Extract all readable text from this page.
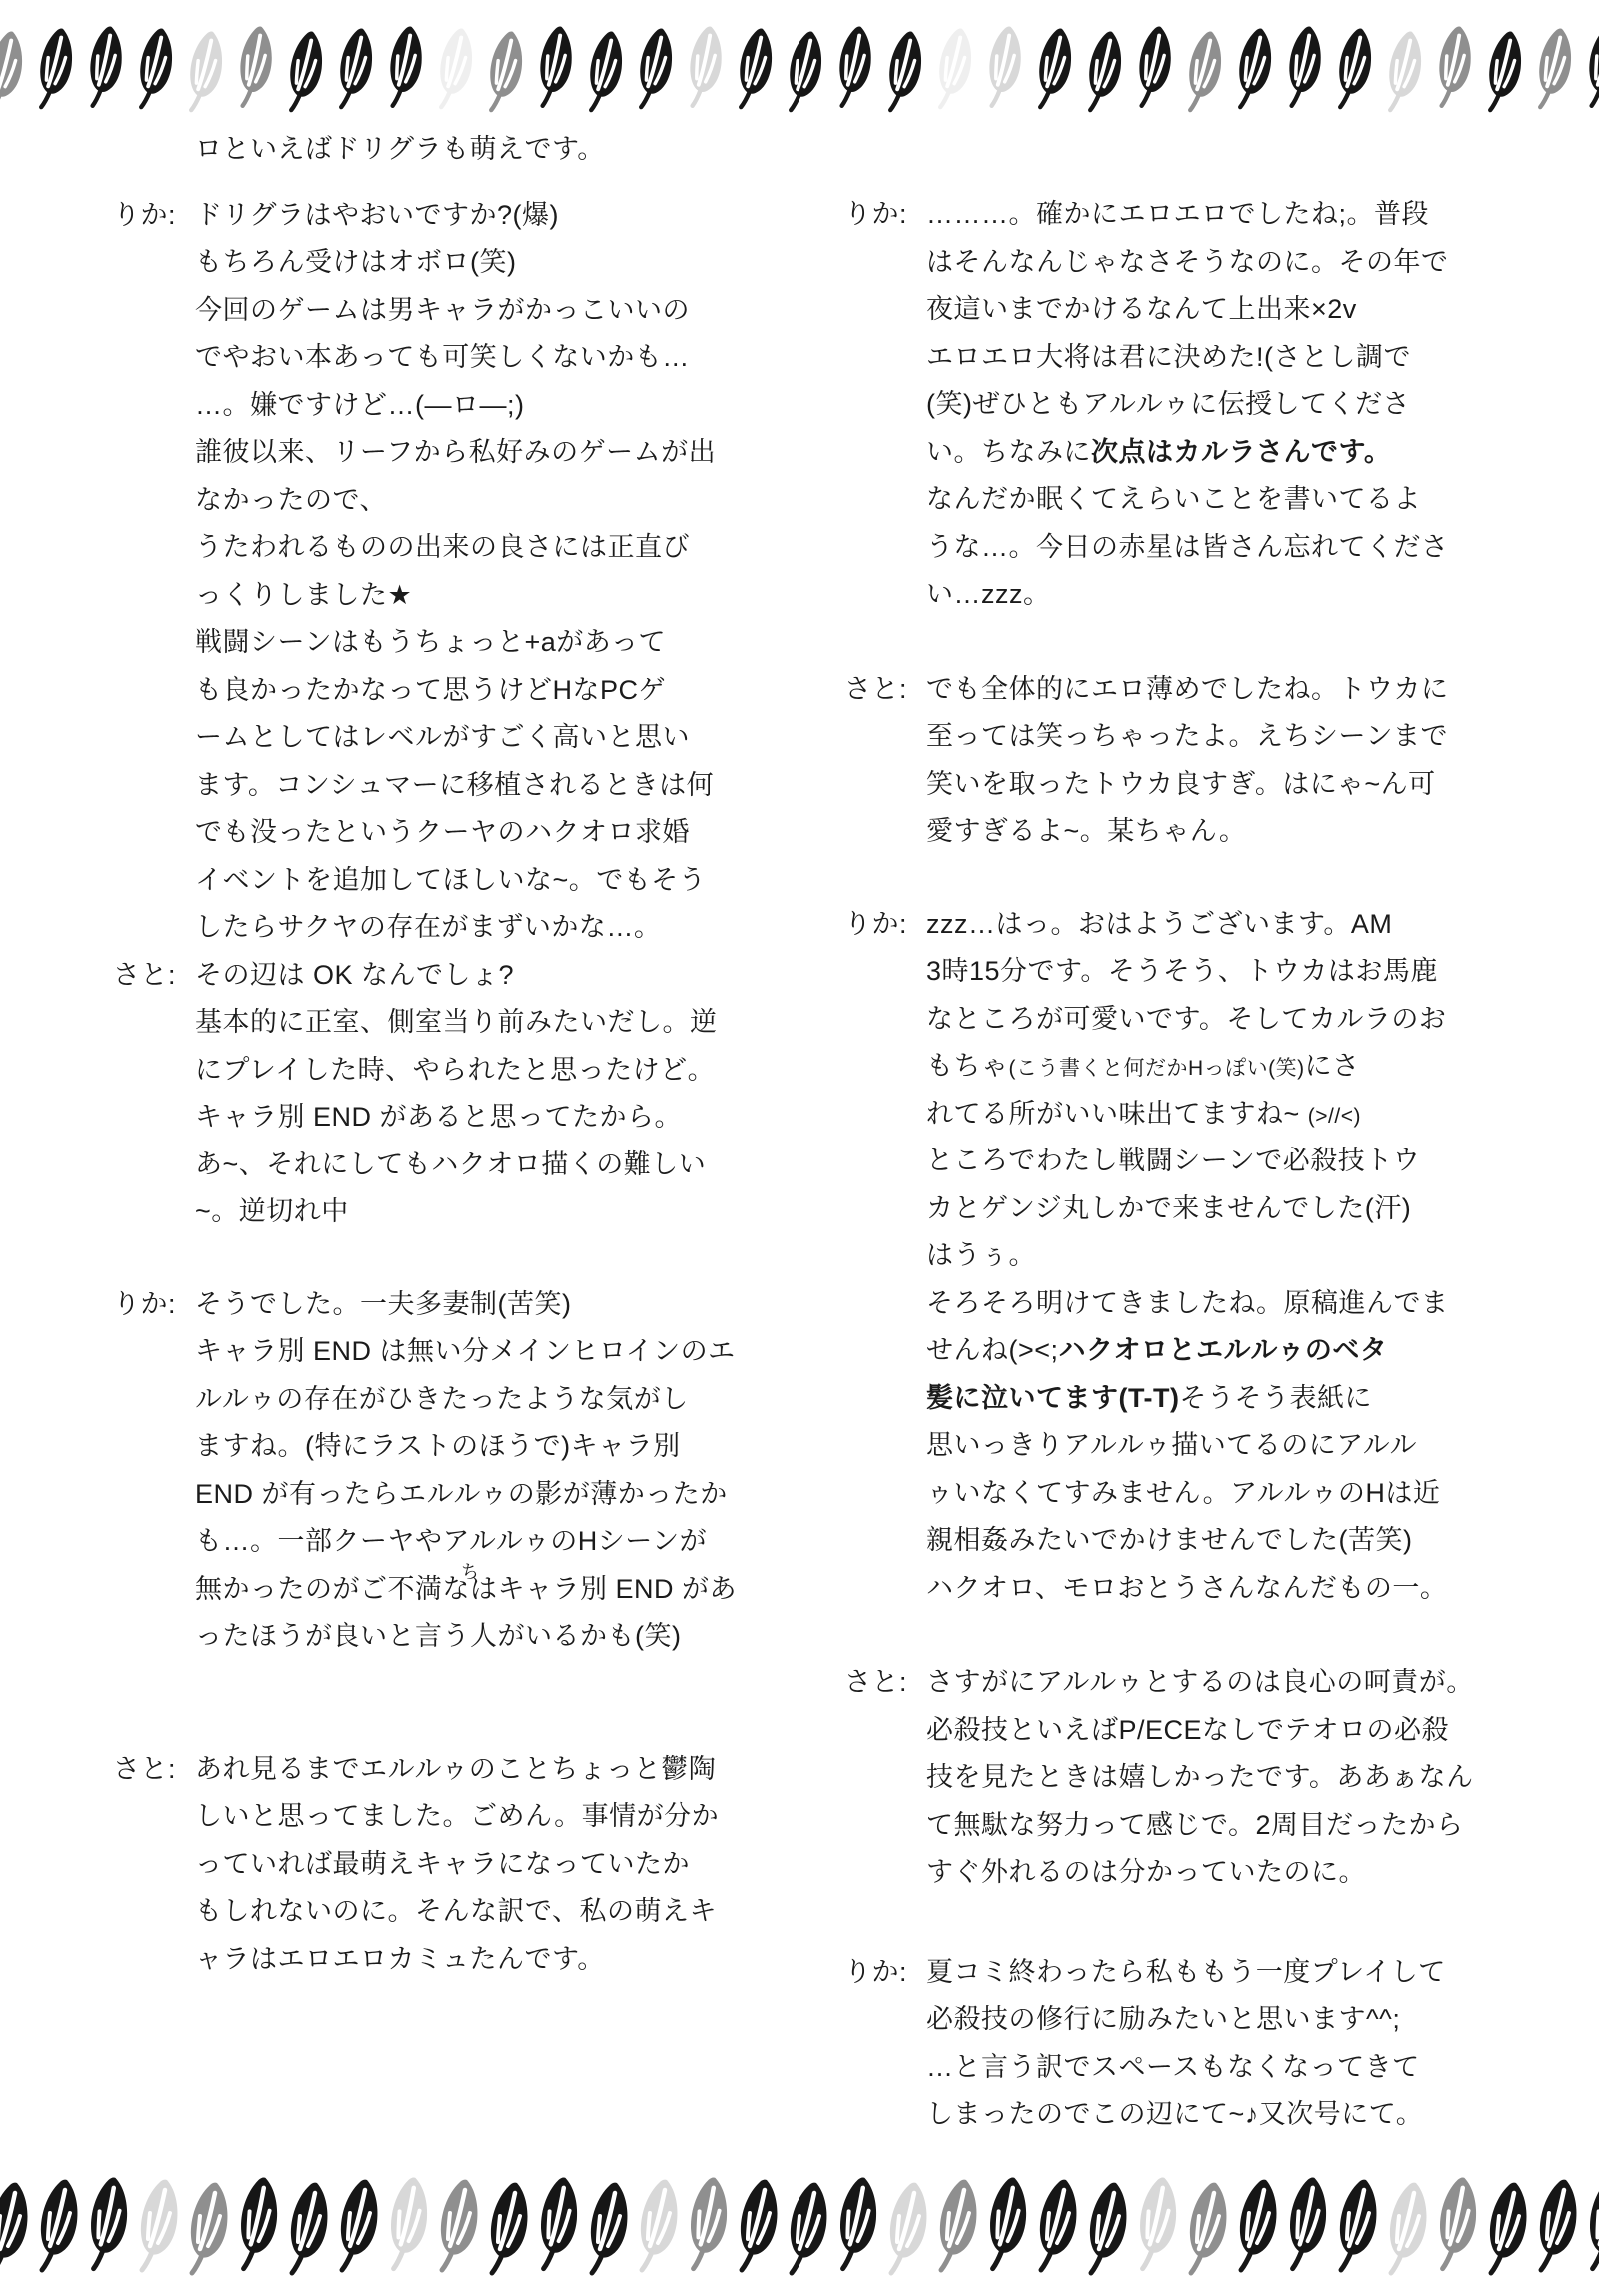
ロといえばドリグラも萌えです。
りか: ドリグラはやおいですか?(爆)
もちろん受けはオボロ(笑)
今回のゲームは男キャラがかっこいいの
でやおい本あっても可笑しくないかも…
…。嫌ですけど…(―ロ―;)
誰彼以来、リーフから私好みのゲームが出
なかったので、
うたわれるものの出来の良さには正直び
っくりしました★
戦闘シーンはもうちょっと+aがあって
も良かったかなって思うけどHなPCゲ
ームとしてはレベルがすごく高いと思い
ます。コンシュマーに移植されるときは何
でも没ったというクーヤのハクオロ求婚
イベントを追加してほしいな~。でもそう
したらサクヤの存在がまずいかな…。
さと: その辺は OK なんでしょ?
基本的に正室、側室当り前みたいだし。逆
にプレイした時、やられたと思ったけど。
キャラ別 END があると思ってたから。
あ~、それにしてもハクオロ描くの難しい
~。逆切れ中
りか: そうでした。一夫多妻制(苦笑)
キャラ別 END は無い分メインヒロインのエ
ルルゥの存在がひきたったような気がし
ますね。(特にラストのほうで)キャラ別
END が有ったらエルルゥの影が薄かったか
も…。一部クーヤやアルルゥのHシーンが
無かったのがご不満なちはキャラ別 END があ
ったほうが良いと言う人がいるかも(笑)
さと: あれ見るまでエルルゥのことちょっと鬱陶
しいと思ってました。ごめん。事情が分か
っていれば最萌えキャラになっていたか
もしれないのに。そんな訳で、私の萌えキ
ャラはエロエロカミュたんです。
りか: ………。確かにエロエロでしたね;。普段
はそんなんじゃなさそうなのに。その年で
夜這いまでかけるなんて上出来×2v
エロエロ大将は君に決めた!(さとし調で
(笑)ぜひともアルルゥに伝授してくださ
い。ちなみに次点はカルラさんです。
なんだか眠くてえらいことを書いてるよ
うな…。今日の赤星は皆さん忘れてくださ
い…zzz。
さと: でも全体的にエロ薄めでしたね。トウカに
至っては笑っちゃったよ。えちシーンまで
笑いを取ったトウカ良すぎ。はにゃ~ん可
愛すぎるよ~。某ちゃん。
りか: zzz…はっ。おはようございます。AM
3時15分です。そうそう、トウカはお馬鹿
なところが可愛いです。そしてカルラのお
もちゃ(こう書くと何だかHっぽい(笑)にさ
れてる所がいい味出てますね~ (>//<)
ところでわたし戦闘シーンで必殺技トウ
カとゲンジ丸しかで来ませんでした(汗)
はうぅ。
そろそろ明けてきましたね。原稿進んでま
せんね(><;ハクオロとエルルゥのベタ
髪に泣いてます(T-T)そうそう表紙に
思いっきりアルルゥ描いてるのにアルル
ゥいなくてすみません。アルルゥのHは近
親相姦みたいでかけませんでした(苦笑)
ハクオロ、モロおとうさんなんだもの一。
さと: さすがにアルルゥとするのは良心の呵責が。
必殺技といえばP/ECEなしでテオロの必殺
技を見たときは嬉しかったです。ああぁなん
て無駄な努力って感じで。2周目だったから
すぐ外れるのは分かっていたのに。
りか: 夏コミ終わったら私ももう一度プレイして
必殺技の修行に励みたいと思います^^;
…と言う訳でスペースもなくなってきて
しまったのでこの辺にて~♪又次号にて。
